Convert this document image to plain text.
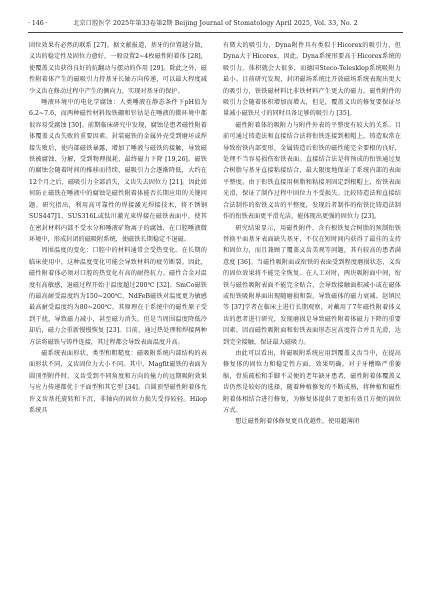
· 146 ·	北京口腔医学 2025年第33卷第2期 Beijing Journal of Stomatology April 2025, Vol. 33, No. 2

固位效果有必然的联系 [27]。据文献报道，基牙的位置越分散，义齿的稳定性及固位力愈好，一般设置2~4枚磁性附着体 [28]，使覆盖义齿获得良好的抗翻动与摆动的作用 [29]。除此之外，磁性附着体产生的磁吸引力持基牙长轴方向传递，可以最大程度减少义齿在修动过程中产生的侧向力，实现对基牙的保护。

唾液环境中的电化学腐蚀：人类唾液在静态条件下pH值为6.2~7.6，而两种磁性材料钕铁硼和钐钴是在唾液的微环境中都很容易受腐蚀 [30]。前期临床研究中发现，腐蚀是患者磁性附着体覆盖义齿失败的重要因素。封装磁铁的金属外壳受到磨坏或焊接失败后，使内部磁铁暴露，增加了唾液与磁铁的接触，导致磁铁被腐蚀、分解，受到物理损耗，最终磁力下降 [19,26]。磁铁的腐蚀会随着时间的推移而持续，磁吸引力会逐渐降低，大约在12个月之后，磁吸引力全部消失，义齿失去固位力 [21]。因此如何防止磁铁在唾液中的腐蚀是磁性附着体能否长期应用的关键问题。研究指出，利用高可靠性的焊接激光焊接技术，将不锈钢SUS447J1、SUS316L或钛川激光束焊接在磁铁表面中，使其在密封材料内部不受水分和唾液矿物离子的腐蚀，在口腔唾液微环境中，形成封闭的磁吸附系统，使磁铁长期稳定不退磁。

周围温度的变化：口腔中的材料通常会受热变化。在长期的临床使用中，这种温度变化可能会导致材料的疲劳断裂。因此，磁性附着体必须对口腔的热变化有高的耐热抗力。磁性合金对温度有高敏感，退磁过程开始于温度超过200℃ [32]。SmCo磁铁的最高耐受温度约为150~200℃，NdFeB磁铁对温度更为敏感最高耐受温度约为80~200℃，其原理在于系统中的磁性原子受到干扰，导致磁力减小，甚至磁力消失。但是当周围温度降低冷却后，磁力会重新慢慢恢复 [23]。目前，通过热处理和焊接两种方法将磁铁与铸件连接，其过程都会导致表面温度升高。

磁系统表面形状、类型和粗糙度：磁吸附系统内部结构的表面形状不同，义齿固位力大小不同。其中，Magfit磁铁的表面为圆顶型附件时，义齿受到不同角度和方向的撞力的远期吸附效果与应力传递都优于平面型和其它型 [34]。自圆顶型磁性附着体允许义齿基托旋转和下沉，非轴向的固位力损失受得较轻。Hilop系统具

有微大的吸引力，Dyna附件具有类似于Hicorex的吸引力，但Dyna大于Hicorex，因此，Dyna系统形要高于Hicorex系统的吸引力。体积就会大很多，而德国Steco-Telesklop系统吸附力最小。目前研究发现，封闭磁场系统比开放磁场系统表现出更大的吸引力，铁铁磁材料比非铁材料产生更大的磁力。磁性附件的吸引力会随着体积增加而增大，但是，覆盖义齿的修复要保证尽量减小磁铁尺寸的同时具备足够的吸引力 [35]。

磁性附着体的吸附力与附件外表的平整度有较大的关系。目前可通过铸造法和直接结合法将衔铁连接到根帽上，铸造取常在导致衔铁内部变形，金属铸造后衔铁的磁性能完全要根的良好，处理不当容易损伤衔铁表面。直接结合法是将预成的衔铁通过复合树脂与基牙直接粘接结合，最大限度地保证了系统内部的表面平整度。由于衔铁直接用树脂和粘接剂固定到根帽上，衔铁表面光滑，保证了制作过程中固位力不受损失。比较铸造法和直接结合法制作的衔铁义齿的平整度，发现后者制作的衔铁比铸造法制作的衔铁表面更平滑光洁，能体现出更强的固位力 [23]。

研究结果显示，用磁性附件、含有根铁复合树脂的预制衔铁替换平面基牙表面缺失基牙，不仅在短时间内获得了最佳的支持和固位力，而且兼顾了覆盖义齿美观等问题，其有较高的患者满意度 [36]。当磁性吸附面或衔铁的表面受到程度磨损状态，义齿的固位效果将不能完全恢复。在人工对时，两块吸附面中间，衔铁与磁性吸附表面不能完全贴合，会导致接触面积减小或在磁体或衔铁吸附界面出现随磨损和裂，导致磁体的磁力衰减。赵镇民等 [37]学者在临床上进行长期观察，对戴用了7年磁性附着体义齿的患者进行研究，发现磨损是导致磁性附着体磁力下降的重要因素。因而磁性吸附面和衔铁表面形态应高度符合并且光滑，达到完全接触，保证最大磁吸力。

由此可以看出，将磁吸附系统应用到覆盖义齿当中，在提高修复体的固位力和稳定性方面，效果明确。对于牙槽略严重萎缩，骨质疏松和手脚不灵便的老年缺牙患者，磁性附着体覆盖义齿仍然是较好的选择，随着种植修复的不断成熟，将种植和磁性附着体相结合进行修复，为修复体提供了更加有效且方便的固位方式。

想让磁性附着体修复更具优越性，使用超薄闭
